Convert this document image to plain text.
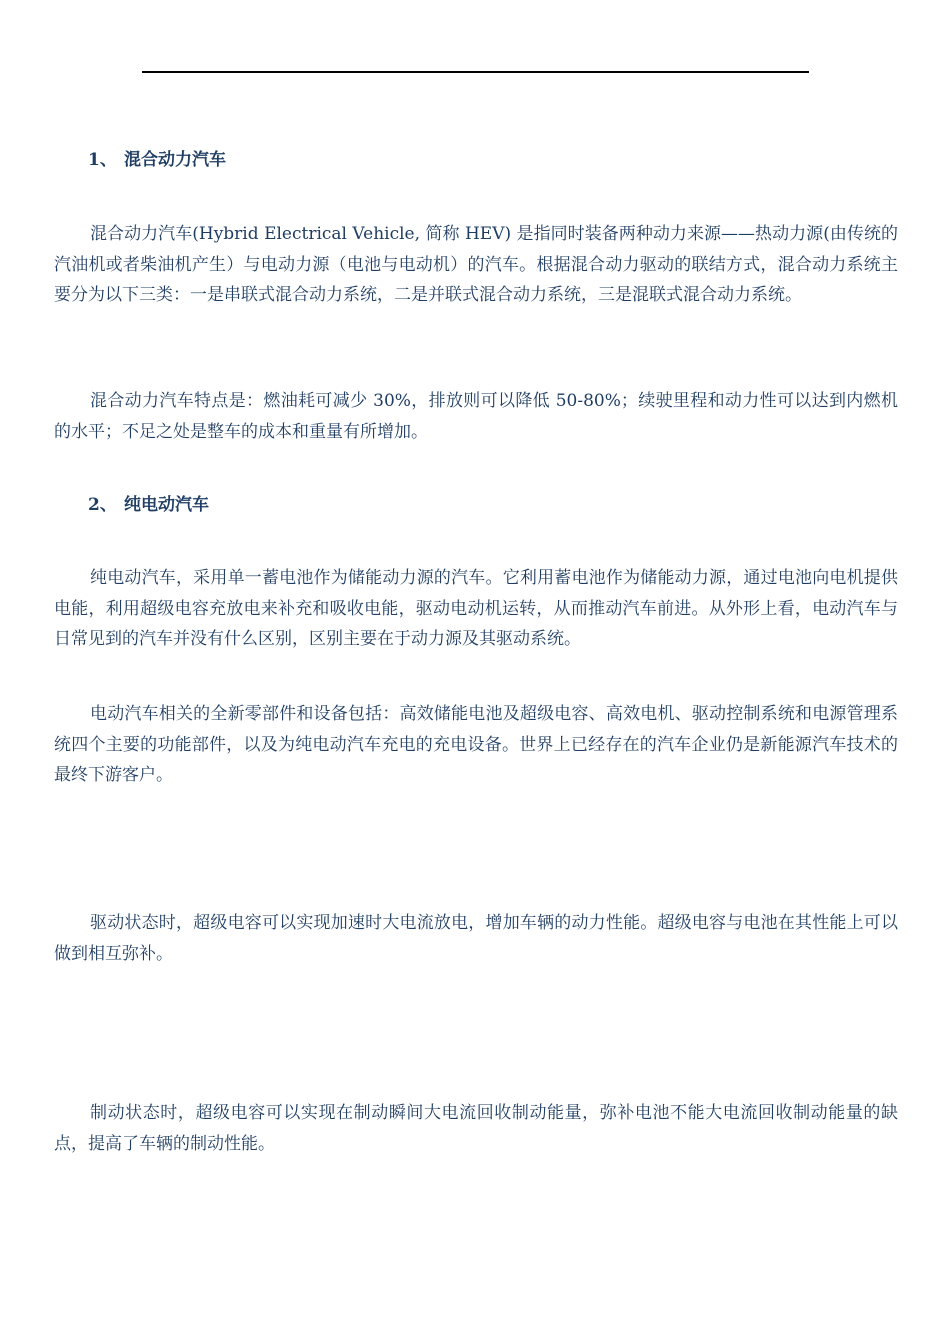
1、 混合动力汽车

混合动力汽车(Hybrid Electrical Vehicle, 简称 HEV) 是指同时装备两种动力来源——热动力源(由传统的汽油机或者柴油机产生）与电动力源（电池与电动机）的汽车。根据混合动力驱动的联结方式，混合动力系统主要分为以下三类：一是串联式混合动力系统，二是并联式混合动力系统，三是混联式混合动力系统。

混合动力汽车特点是：燃油耗可减少 30%，排放则可以降低 50-80%；续驶里程和动力性可以达到内燃机的水平；不足之处是整车的成本和重量有所增加。

2、 纯电动汽车

纯电动汽车，采用单一蓄电池作为储能动力源的汽车。它利用蓄电池作为储能动力源，通过电池向电机提供电能，利用超级电容充放电来补充和吸收电能，驱动电动机运转，从而推动汽车前进。从外形上看，电动汽车与日常见到的汽车并没有什么区别，区别主要在于动力源及其驱动系统。

电动汽车相关的全新零部件和设备包括：高效储能电池及超级电容、高效电机、驱动控制系统和电源管理系统四个主要的功能部件，以及为纯电动汽车充电的充电设备。世界上已经存在的汽车企业仍是新能源汽车技术的最终下游客户。

驱动状态时，超级电容可以实现加速时大电流放电，增加车辆的动力性能。超级电容与电池在其性能上可以做到相互弥补。

制动状态时，超级电容可以实现在制动瞬间大电流回收制动能量，弥补电池不能大电流回收制动能量的缺点，提高了车辆的制动性能。
